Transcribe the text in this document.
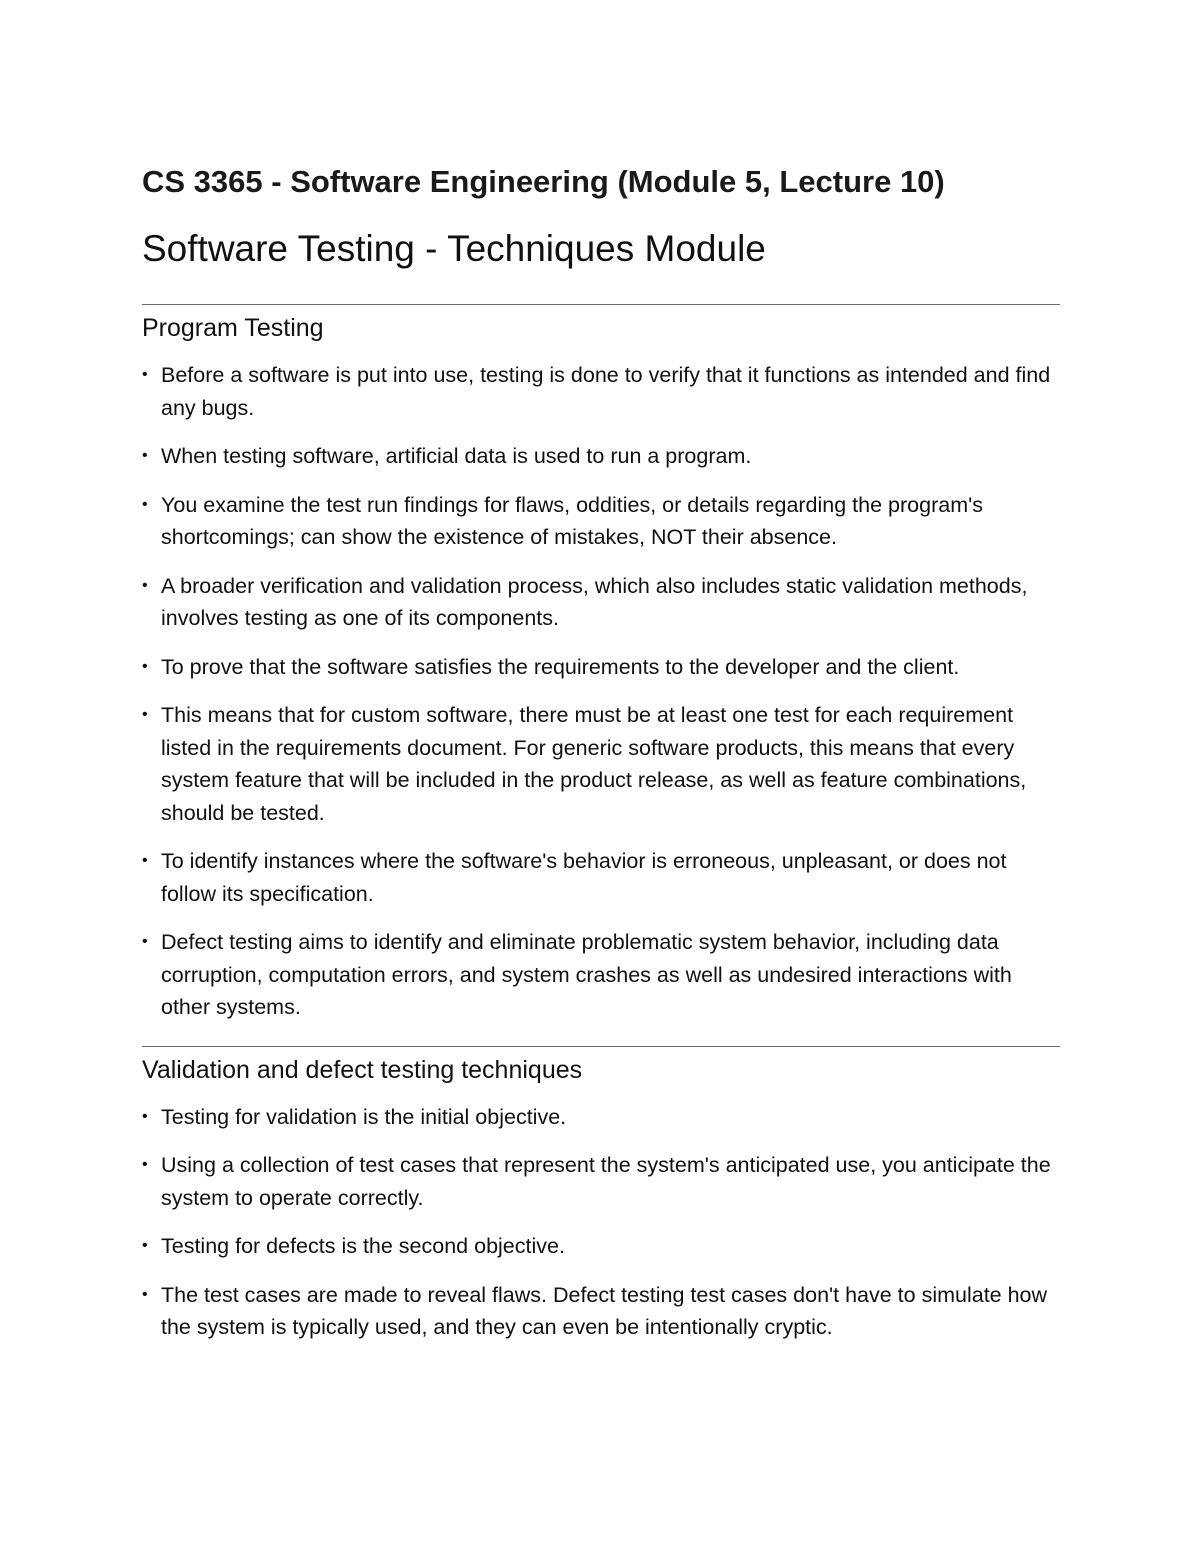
CS 3365 - Software Engineering (Module 5, Lecture 10)
Software Testing - Techniques Module
Program Testing
• Before a software is put into use, testing is done to verify that it functions as intended and find any bugs.
• When testing software, artificial data is used to run a program.
• You examine the test run findings for flaws, oddities, or details regarding the program's shortcomings; can show the existence of mistakes, NOT their absence.
• A broader verification and validation process, which also includes static validation methods, involves testing as one of its components.
• To prove that the software satisfies the requirements to the developer and the client.
• This means that for custom software, there must be at least one test for each requirement listed in the requirements document. For generic software products, this means that every system feature that will be included in the product release, as well as feature combinations, should be tested.
• To identify instances where the software's behavior is erroneous, unpleasant, or does not follow its specification.
• Defect testing aims to identify and eliminate problematic system behavior, including data corruption, computation errors, and system crashes as well as undesired interactions with other systems.
Validation and defect testing techniques
• Testing for validation is the initial objective.
• Using a collection of test cases that represent the system's anticipated use, you anticipate the system to operate correctly.
• Testing for defects is the second objective.
• The test cases are made to reveal flaws. Defect testing test cases don't have to simulate how the system is typically used, and they can even be intentionally cryptic.
